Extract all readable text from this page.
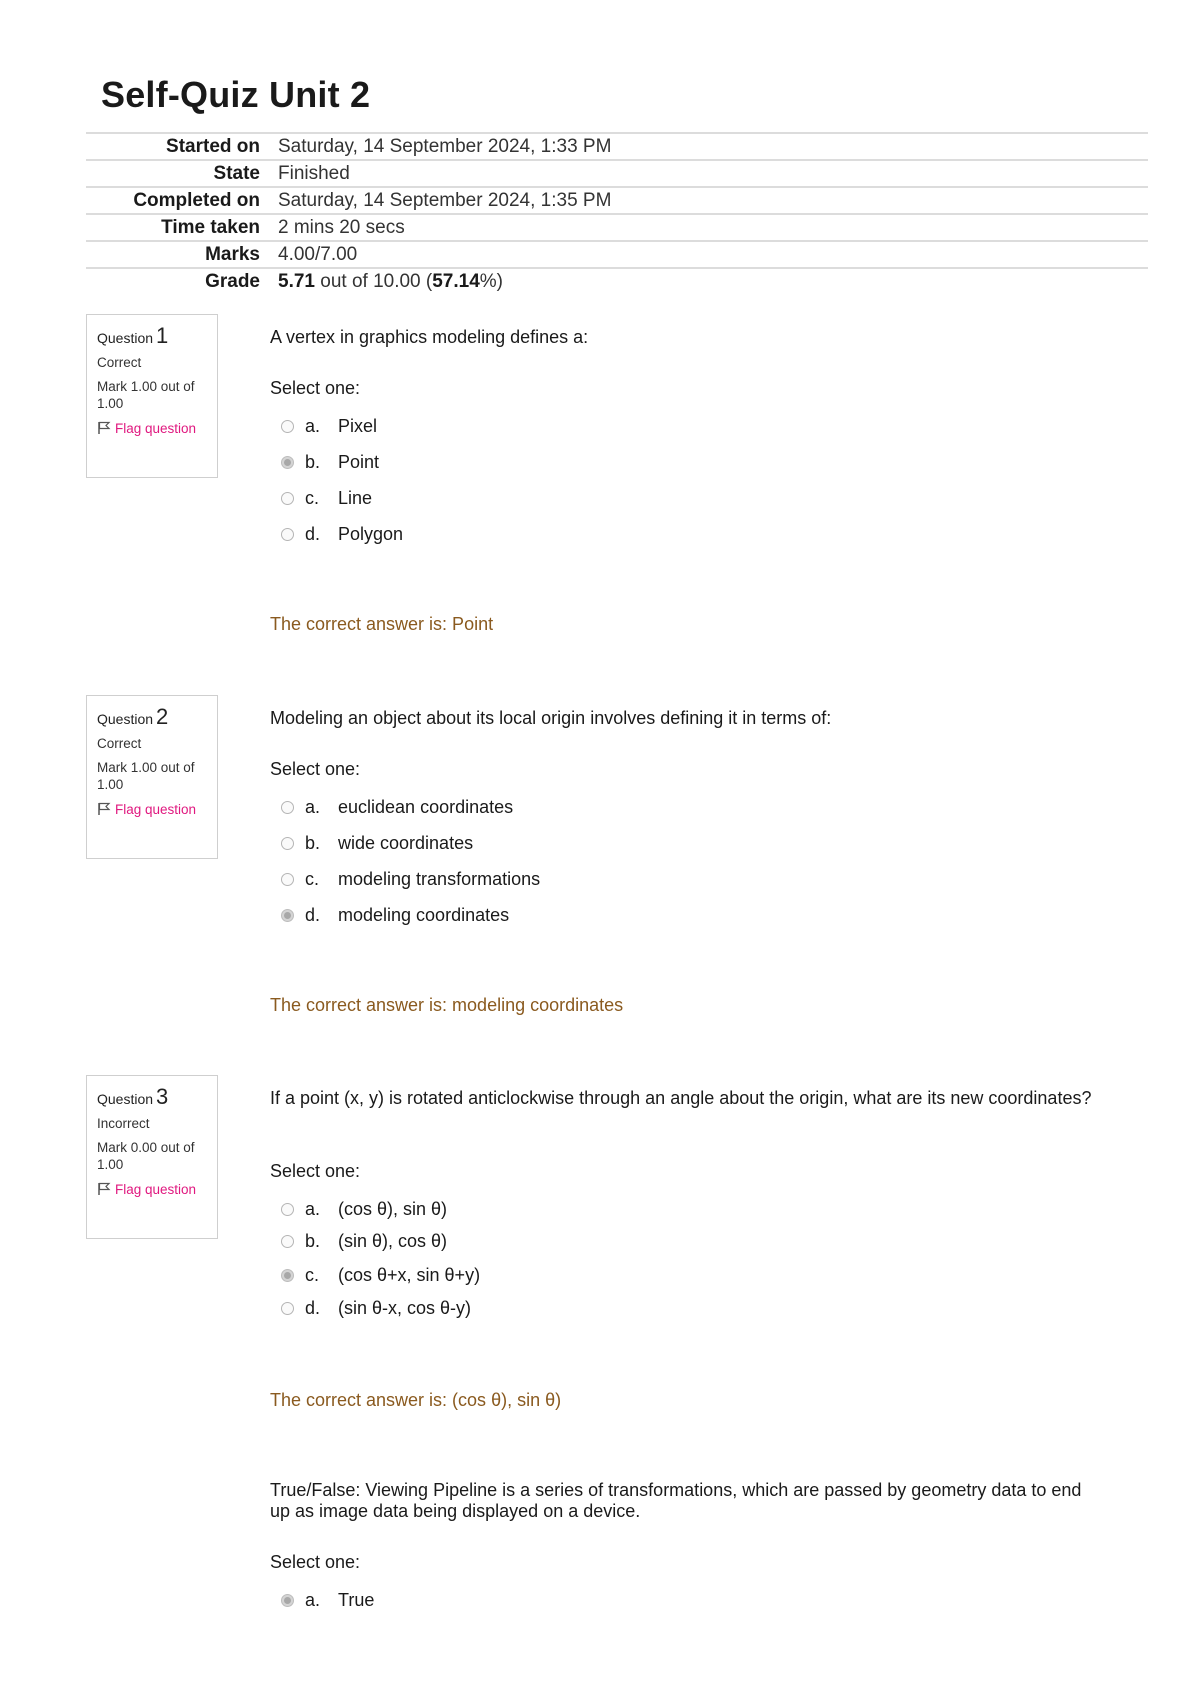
Self-Quiz Unit 2
Started on Saturday, 14 September 2024, 1:33 PM
State Finished
Completed on Saturday, 14 September 2024, 1:35 PM
Time taken 2 mins 20 secs
Marks 4.00/7.00
Grade 5.71 out of 10.00 (57.14%)
Question 1
Correct
Mark 1.00 out of 1.00
Flag question
A vertex in graphics modeling defines a:
Select one:
a. Pixel
b. Point
c.	Line
d. Polygon
The correct answer is: Point
Question 2
Correct
Mark 1.00 out of 1.00
Flag question
Modeling an object about its local origin involves defining it in terms of:
Select one:
a. euclidean coordinates
b. wide coordinates
c.	modeling transformations
d. modeling coordinates
The correct answer is: modeling coordinates
Question 3
Incorrect
Mark 0.00 out of 1.00
Flag question
If a point (x, y) is rotated anticlockwise through an angle about the origin, what are its new coordinates?
Select one:
a. (cos θ), sin θ)
b. (sin θ), cos θ)
c.	(cos θ+x, sin θ+y)
d. (sin θ-x, cos θ-y)
The correct answer is: (cos θ), sin θ)
True/False: Viewing Pipeline is a series of transformations, which are passed by geometry data to end up as image data being displayed on a device.
Select one:
a. True
